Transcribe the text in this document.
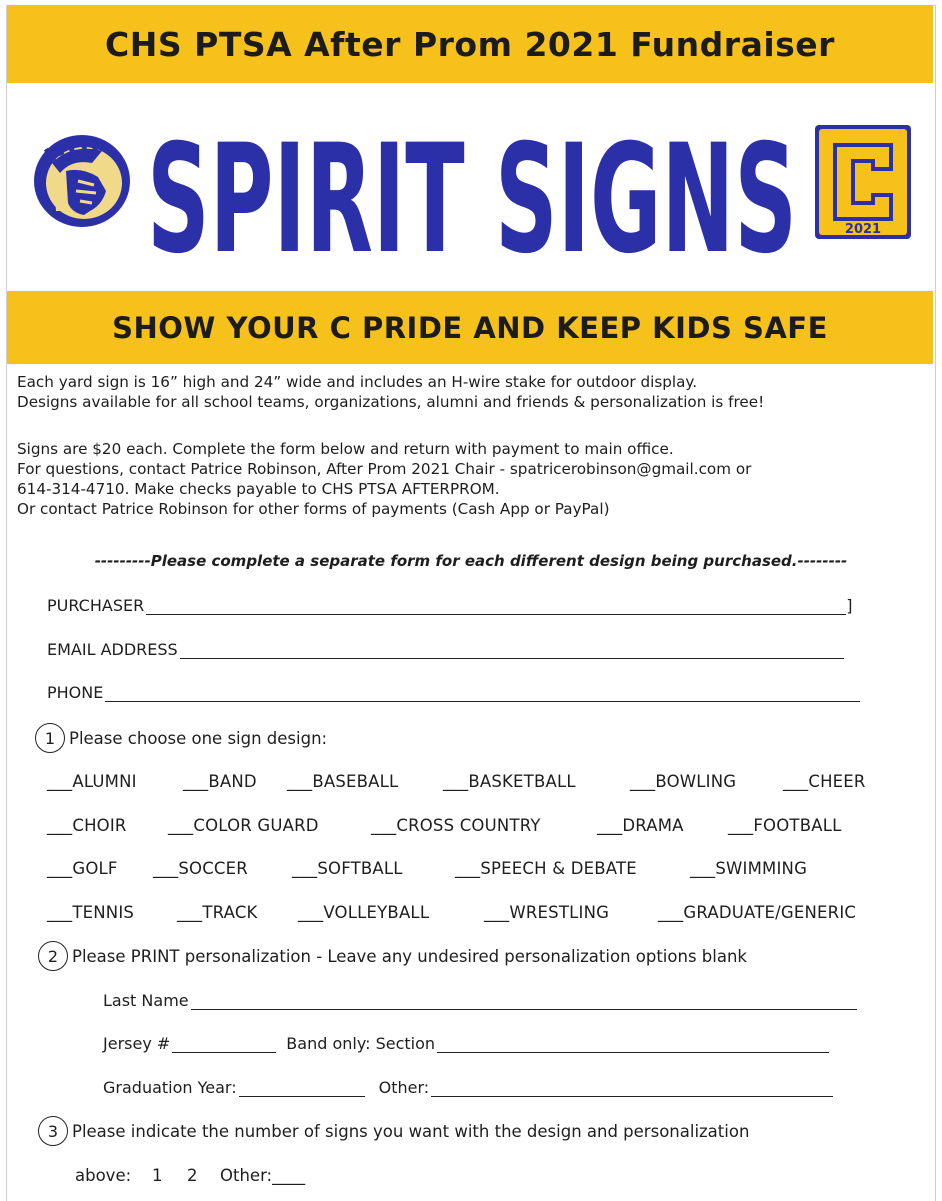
CHS PTSA After Prom 2021 Fundraiser
SPIRIT SIGNS	2021
SHOW YOUR C PRIDE AND KEEP KIDS SAFE

Each yard sign is 16” high and 24” wide and includes an H-wire stake for outdoor display.

Designs available for all school teams, organizations, alumni and friends & personalization is free!

Signs are $20 each. Complete the form below and return with payment to main office.

For questions, contact Patrice Robinson, After Prom 2021 Chair - spatricerobinson@gmail.com or

614-314-4710. Make checks payable to CHS PTSA AFTERPROM.

Or contact Patrice Robinson for other forms of payments (Cash App or PayPal)

---------Please complete a separate form for each different design being purchased.--------
PURCHASER	]
EMAIL ADDRESS
PHONE
1 Please choose one sign design:
___ALUMNI	___BAND ___BASEBALL	___BASKETBALL	___BOWLING	___CHEER
___CHOIR	___COLOR GUARD	___CROSS COUNTRY	___DRAMA	___FOOTBALL
___GOLF ___SOCCER	___SOFTBALL	___SPEECH & DEBATE	___SWIMMING
___TENNIS	___TRACK ___VOLLEYBALL	___WRESTLING	___GRADUATE/GENERIC
2 Please PRINT personalization - Leave any undesired personalization options blank
Last Name
Jersey #	Band only: Section
Graduation Year:	Other:
3 Please indicate the number of signs you want with the design and personalization
above: 1 2 Other:____
